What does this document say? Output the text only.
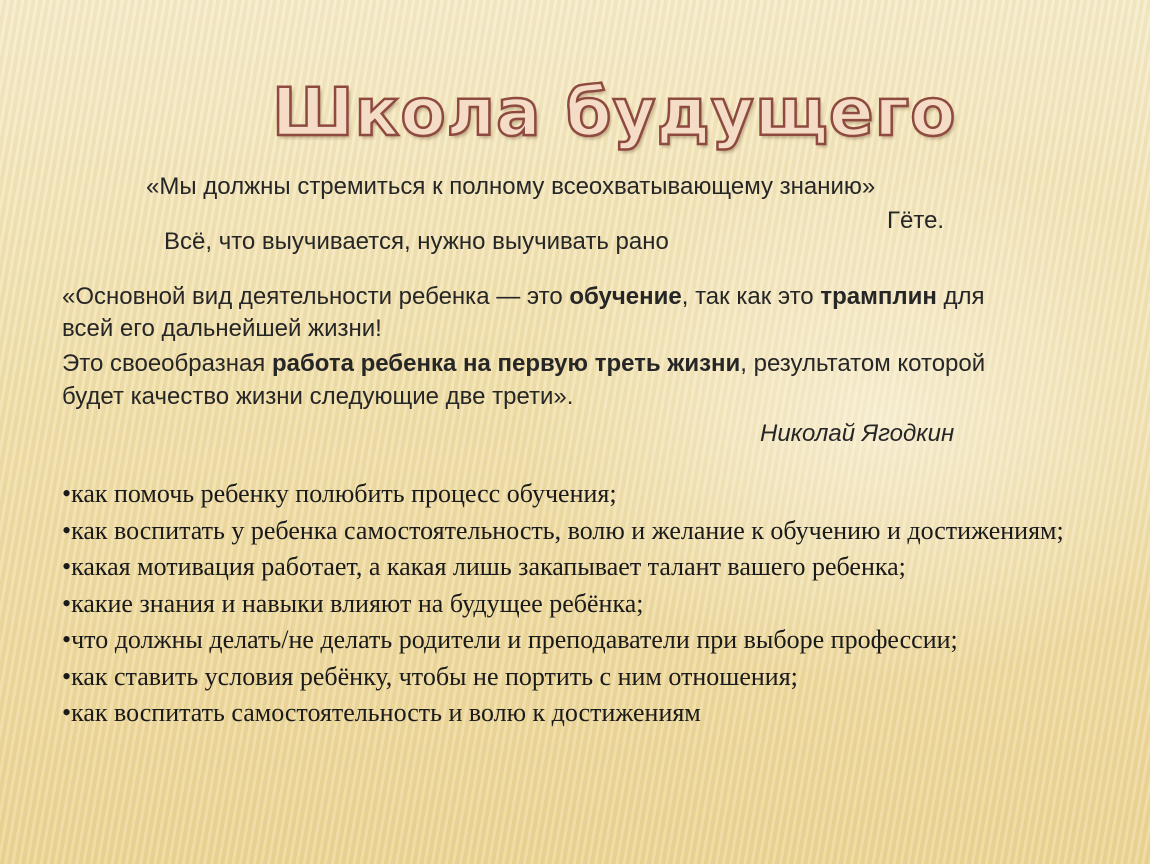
Школа будущего

«Мы должны стремиться к полному всеохватывающему знанию»

Гёте.

Всё, что выучивается, нужно выучивать рано

«Основной вид деятельности ребенка — это обучение, так как это трамплин для

всей его дальнейшей жизни!

Это своеобразная работа ребенка на первую треть жизни, результатом которой

будет качество жизни следующие две трети».

Николай Ягодкин

•как помочь ребенку полюбить процесс обучения;
•как воспитать у ребенка самостоятельность, волю и желание к обучению и достижениям;
•какая мотивация работает, а какая лишь закапывает талант вашего ребенка;
•какие знания и навыки влияют на будущее ребёнка;
•что должны делать/не делать родители и преподаватели при выборе профессии;
•как ставить условия ребёнку, чтобы не портить с ним отношения;
•как воспитать самостоятельность и волю к достижениям
